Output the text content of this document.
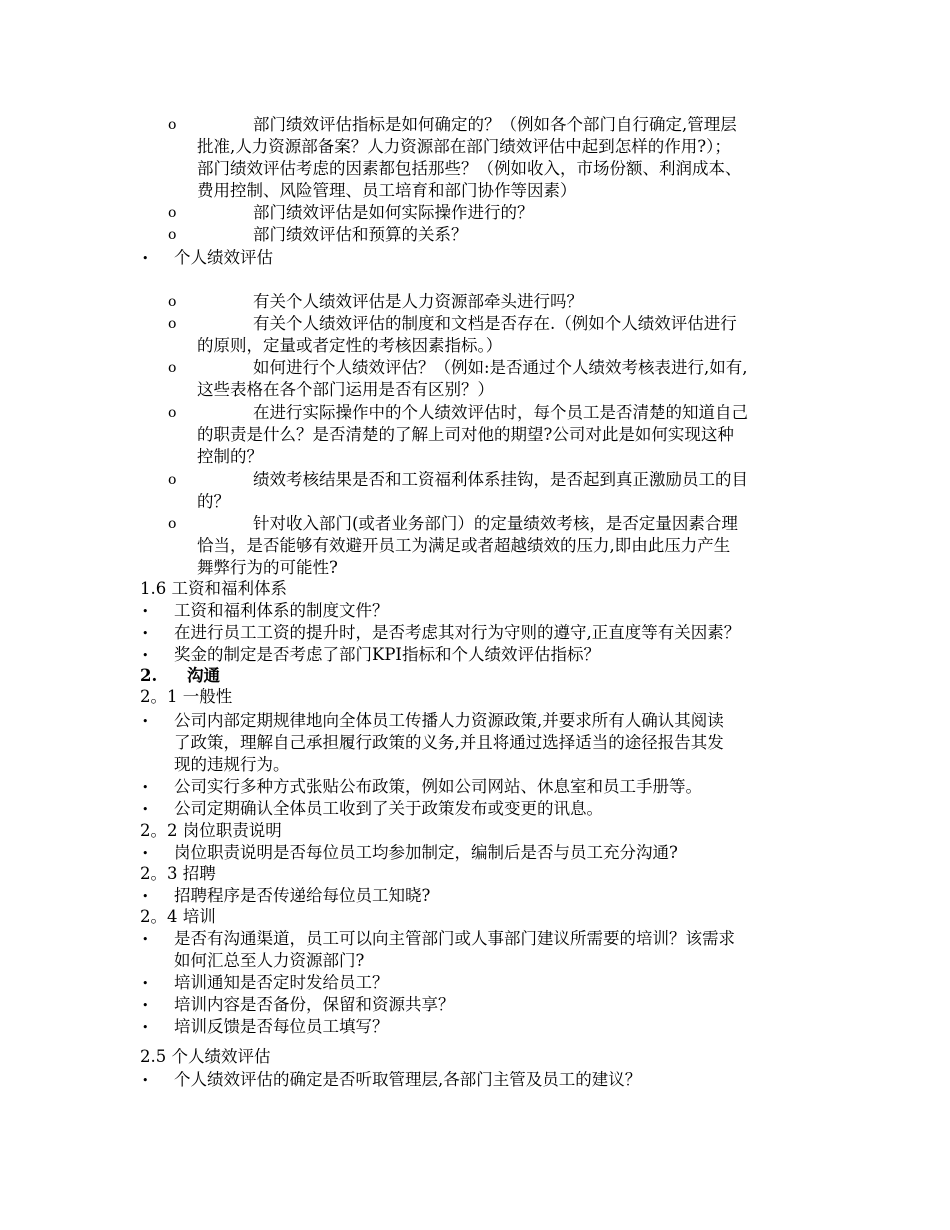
o	部门绩效评估指标是如何确定的？（例如各个部门自行确定,管理层
批准,人力资源部备案？人力资源部在部门绩效评估中起到怎样的作用?）；
部门绩效评估考虑的因素都包括那些？（例如收入，市场份额、利润成本、
费用控制、风险管理、员工培育和部门协作等因素）
o	部门绩效评估是如何实际操作进行的？
o	部门绩效评估和预算的关系？
• 个人绩效评估
o	有关个人绩效评估是人力资源部牵头进行吗？
o	有关个人绩效评估的制度和文档是否存在.（例如个人绩效评估进行
的原则，定量或者定性的考核因素指标。）
o	如何进行个人绩效评估？（例如:是否通过个人绩效考核表进行,如有,
这些表格在各个部门运用是否有区别？）
o	在进行实际操作中的个人绩效评估时，每个员工是否清楚的知道自己
的职责是什么？是否清楚的了解上司对他的期望?公司对此是如何实现这种
控制的？
o	绩效考核结果是否和工资福利体系挂钩，是否起到真正激励员工的目
的？
o	针对收入部门(或者业务部门）的定量绩效考核，是否定量因素合理
恰当，是否能够有效避开员工为满足或者超越绩效的压力,即由此压力产生
舞弊行为的可能性?
1.6 工资和福利体系
• 工资和福利体系的制度文件？
• 在进行员工工资的提升时，是否考虑其对行为守则的遵守,正直度等有关因素？
• 奖金的制定是否考虑了部门KPI指标和个人绩效评估指标？
2. 沟通
2。1 一般性
• 公司内部定期规律地向全体员工传播人力资源政策,并要求所有人确认其阅读
了政策，理解自己承担履行政策的义务,并且将通过选择适当的途径报告其发
现的违规行为。
• 公司实行多种方式张贴公布政策，例如公司网站、休息室和员工手册等。
• 公司定期确认全体员工收到了关于政策发布或变更的讯息。
2。2 岗位职责说明
• 岗位职责说明是否每位员工均参加制定，编制后是否与员工充分沟通?
2。3 招聘
• 招聘程序是否传递给每位员工知晓?
2。4 培训
• 是否有沟通渠道，员工可以向主管部门或人事部门建议所需要的培训？该需求
如何汇总至人力资源部门?
• 培训通知是否定时发给员工？
• 培训内容是否备份，保留和资源共享？
• 培训反馈是否每位员工填写？
2.5 个人绩效评估
• 个人绩效评估的确定是否听取管理层,各部门主管及员工的建议？
